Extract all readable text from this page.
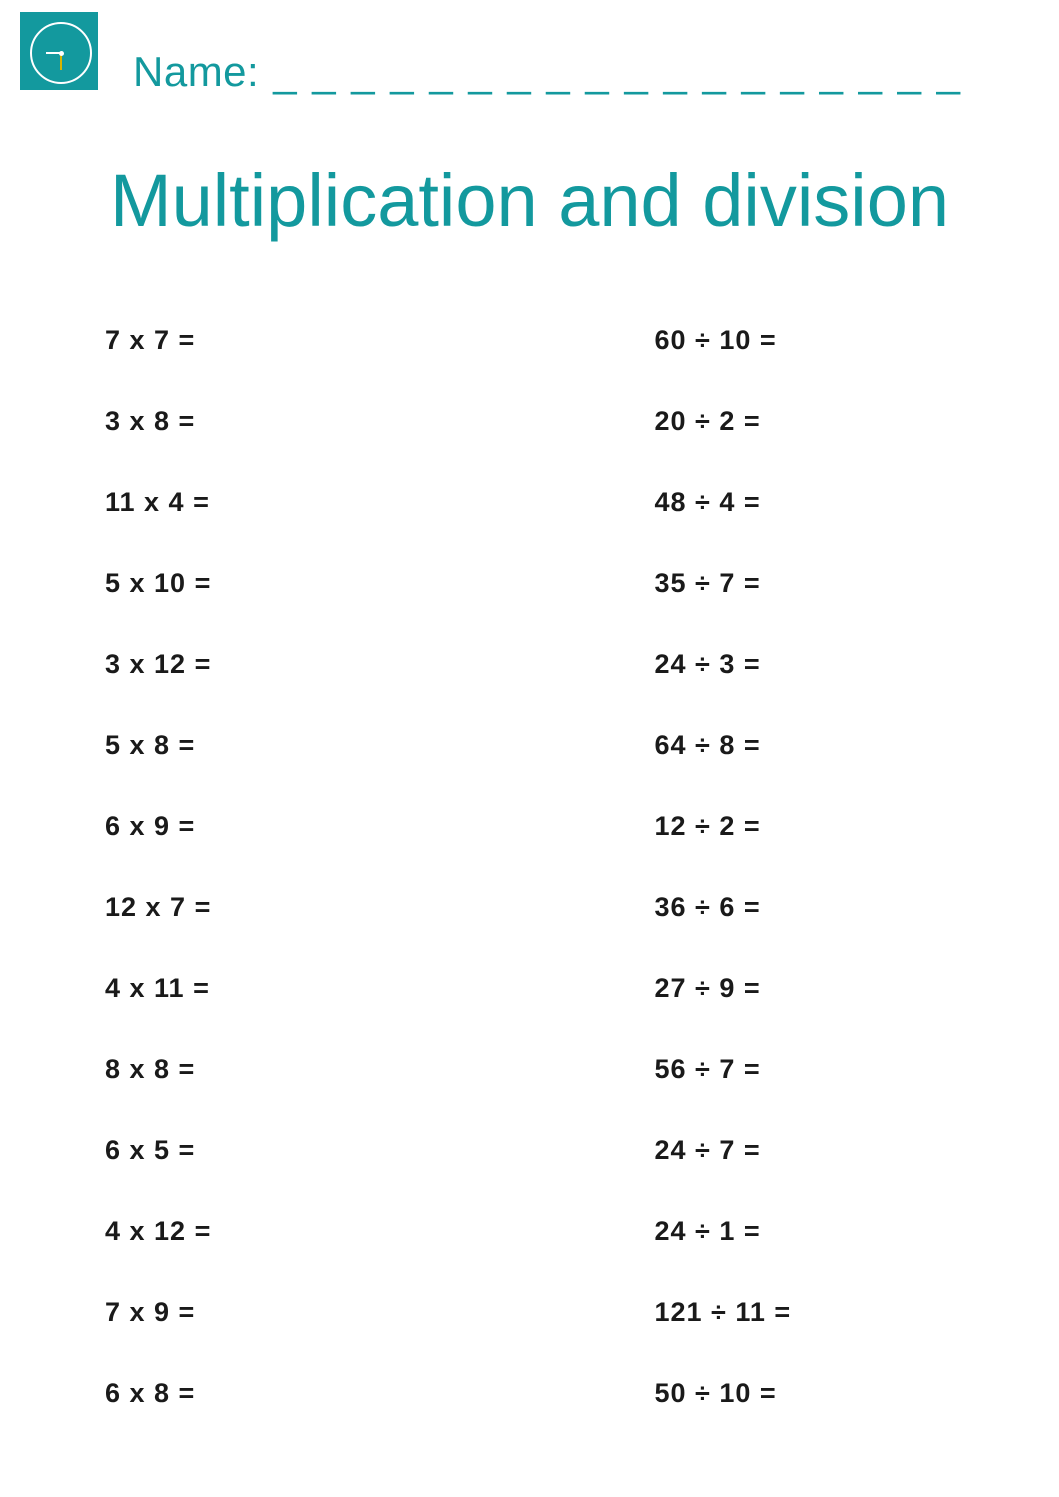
Name: _ _ _ _ _ _ _ _ _ _ _ _ _ _ _ _ _ _
Multiplication and division
7 x 7 =
3 x 8 =
11 x 4 =
5 x 10 =
3 x 12 =
5 x 8 =
6 x 9 =
12 x 7 =
4 x 11 =
8 x 8 =
6 x 5 =
4 x 12 =
7 x 9 =
6 x 8 =
60 ÷ 10 =
20 ÷ 2 =
48 ÷ 4 =
35 ÷ 7 =
24 ÷ 3 =
64 ÷ 8 =
12 ÷ 2 =
36 ÷ 6 =
27 ÷ 9 =
56 ÷ 7 =
24 ÷ 7 =
24 ÷ 1 =
121 ÷ 11 =
50 ÷ 10 =
